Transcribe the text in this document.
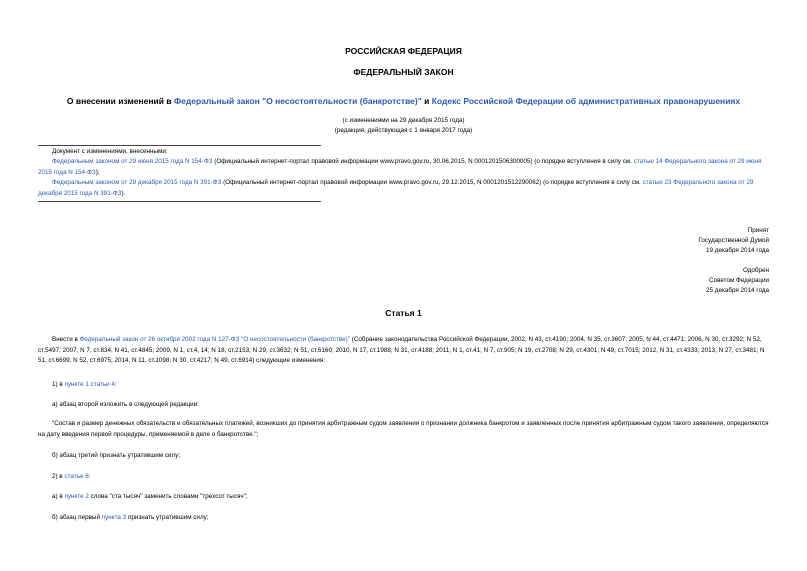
РОССИЙСКАЯ ФЕДЕРАЦИЯ
ФЕДЕРАЛЬНЫЙ ЗАКОН
О внесении изменений в Федеральный закон "О несостоятельности (банкротстве)" и Кодекс Российской Федерации об административных правонарушениях
(с изменениями на 29 декабря 2015 года)
(редакция, действующая с 1 января 2017 года)
Документ с изменениями, внесенными:
Федеральным законом от 29 июня 2015 года N 154-ФЗ (Официальный интернет-портал правовой информации www.pravo.gov.ru, 30.06.2015, N 0001201506300005) (о порядке вступления в силу см. статью 14 Федерального закона от 29 июня 2015 года N 154-ФЗ);
Федеральным законом от 29 декабря 2015 года N 391-ФЗ (Официальный интернет-портал правовой информации www.pravo.gov.ru, 29.12.2015, N 0001201512290062) (о порядке вступления в силу см. статью 23 Федерального закона от 29 декабря 2015 года N 391-ФЗ).
Принят
Государственной Думой
19 декабря 2014 года
Одобрен
Советом Федерации
25 декабря 2014 года
Статья 1
Внести в Федеральный закон от 26 октября 2002 года N 127-ФЗ "О несостоятельности (банкротстве)" (Собрание законодательства Российской Федерации, 2002, N 43, ст.4190; 2004, N 35, ст.3607; 2005, N 44, ст.4471; 2006, N 30, ст.3292; N 52, ст.5497; 2007, N 7, ст.834; N 41, ст.4845; 2009, N 1, ст.4, 14; N 18, ст.2153; N 29, ст.3632; N 51, ст.6160; 2010, N 17, ст.1988; N 31, ст.4188; 2011, N 1, ст.41; N 7, ст.905; N 19, ст.2708; N 29, ст.4301; N 49, ст.7015; 2012, N 31, ст.4333; 2013, N 27, ст.3481; N 51, ст.6699; N 52, ст.6975; 2014, N 11, ст.1098; N 30, ст.4217; N 49, ст.6914) следующие изменения:
1) в пункте 1 статьи 4:
а) абзац второй изложить в следующей редакции:
"Состав и размер денежных обязательств и обязательных платежей, возникших до принятия арбитражным судом заявления о признании должника банкротом и заявленных после принятия арбитражным судом такого заявления, определяются на дату введения первой процедуры, применяемой в деле о банкротстве.";
б) абзац третий признать утратившим силу;
2) в статье 6:
а) в пункте 2 слова "ста тысяч" заменить словами "трехсот тысяч";
б) абзац первый пункта 3 признать утратившим силу;
